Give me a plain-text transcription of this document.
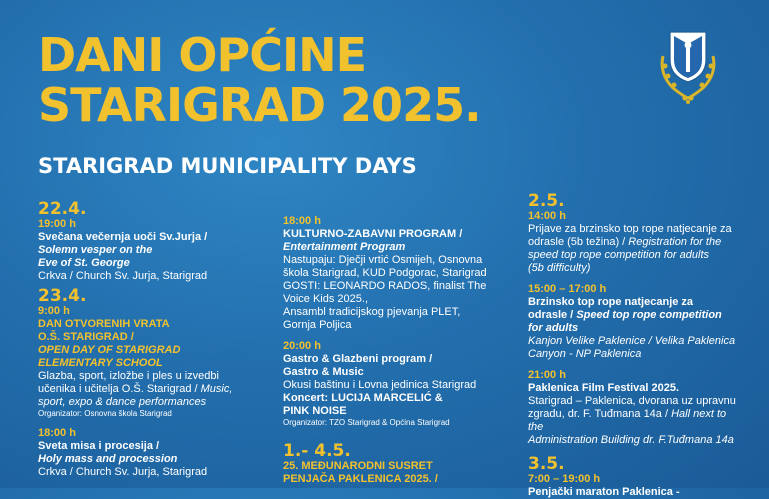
DANI OPĆINE
STARIGRAD 2025.
STARIGRAD MUNICIPALITY DAYS
22.4.
19:00 h
Svečana večernja uoči Sv.Jurja /
Solemn vesper on the
Eve of St. George
Crkva / Church Sv. Jurja, Starigrad
23.4.
9:00 h
DAN OTVORENIH VRATA
O.Š. STARIGRAD /
OPEN DAY OF STARIGRAD
ELEMENTARY SCHOOL
Glazba, sport, izložbe i ples u izvedbi
učenika i učitelja O.Š. Starigrad / Music,
sport, expo & dance performances
Organizator: Osnovna škola Starigrad
18:00 h
Sveta misa i procesija /
Holy mass and procession
Crkva / Church Sv. Jurja, Starigrad
18:00 h
KULTURNO-ZABAVNI PROGRAM /
Entertainment Program
Nastupaju: Dječji vrtić Osmijeh, Osnovna
škola Starigrad, KUD Podgorac, Starigrad
GOSTI: LEONARDO RADOS, finalist The
Voice Kids 2025.,
Ansambl tradicijskog pjevanja PLET,
Gornja Poljica
20:00 h
Gastro & Glazbeni program /
Gastro & Music
Okusi baštinu i Lovna jedinica Starigrad
Koncert: LUCIJA MARCELIĆ &
PINK NOISE
Organizator: TZO Starigrad & Općina Starigrad
1.- 4.5.
25. MEĐUNARODNI SUSRET
PENJAČA PAKLENICA 2025. /
2.5.
14:00 h
Prijave za brzinsko top rope natjecanje za
odrasle (5b težina) / Registration for the
speed top rope competition for adults
(5b difficulty)
15:00 – 17:00 h
Brzinsko top rope natjecanje za
odrasle / Speed top rope competition
for adults
Kanjon Velike Paklenice / Velika Paklenica
Canyon - NP Paklenica
21:00 h
Paklenica Film Festival 2025.
Starigrad – Paklenica, dvorana uz upravnu
zgradu, dr. F. Tuđmana 14a / Hall next to the
Administration Building dr. F.Tuđmana 14a
3.5.
7:00 – 19:00 h
Penjački maraton Paklenica -
